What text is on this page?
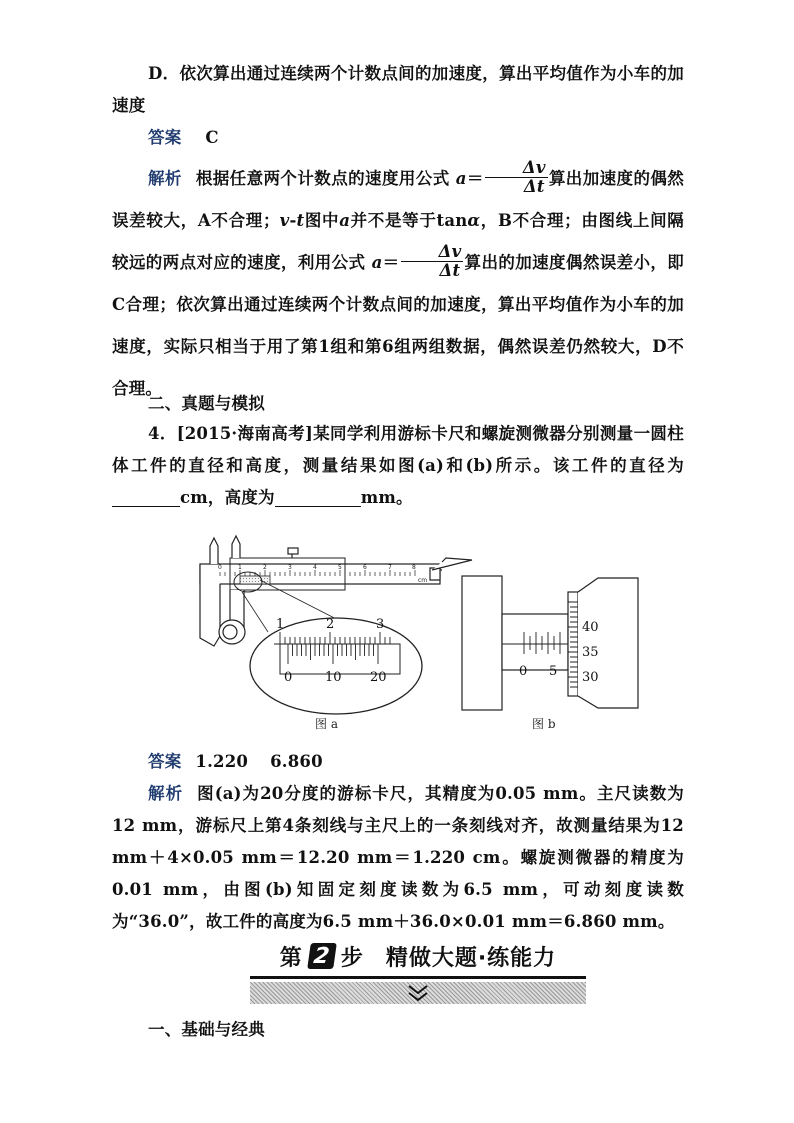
D．依次算出通过连续两个计数点间的加速度，算出平均值作为小车的加速度
答案 C
解析 根据任意两个计数点的速度用公式 $a= \frac{\Delta v}{\Delta t}$ 算出加速度的偶然误差较大，A不合理；v-t图中a并不是等于tanα，B不合理；由图线上间隔较远的两点对应的速度，利用公式 $a= \frac{\Delta v}{\Delta t}$ 算出的加速度偶然误差小，即C合理；依次算出通过连续两个计数点间的加速度，算出平均值作为小车的加速度，实际只相当于用了第1组和第6组两组数据，偶然误差仍然较大，D不合理。
二、真题与模拟
4．[2015·海南高考]某同学利用游标卡尺和螺旋测微器分别测量一圆柱体工件的直径和高度，测量结果如图(a)和(b)所示。该工件的直径为cm，高度为	mm。
0	1	2	3	4	5	6	7	8
cm
1	2	3
0	10 20
图 a
0 5
40
35
30
图 b
答案 1.220 6.860
解析 图(a)为20分度的游标卡尺，其精度为0.05 mm。主尺读数为12 mm，游标尺上第4条刻线与主尺上的一条刻线对齐，故测量结果为12 mm＋4×0.05 mm＝12.20 mm＝1.220 cm。螺旋测微器的精度为0.01 mm，由图(b)知固定刻度读数为6.5 mm，可动刻度读数为“36.0”，故工件的高度为6.5 mm＋36.0×0.01 mm＝6.860 mm。
第 2 步 精做大题·练能力
一、基础与经典
